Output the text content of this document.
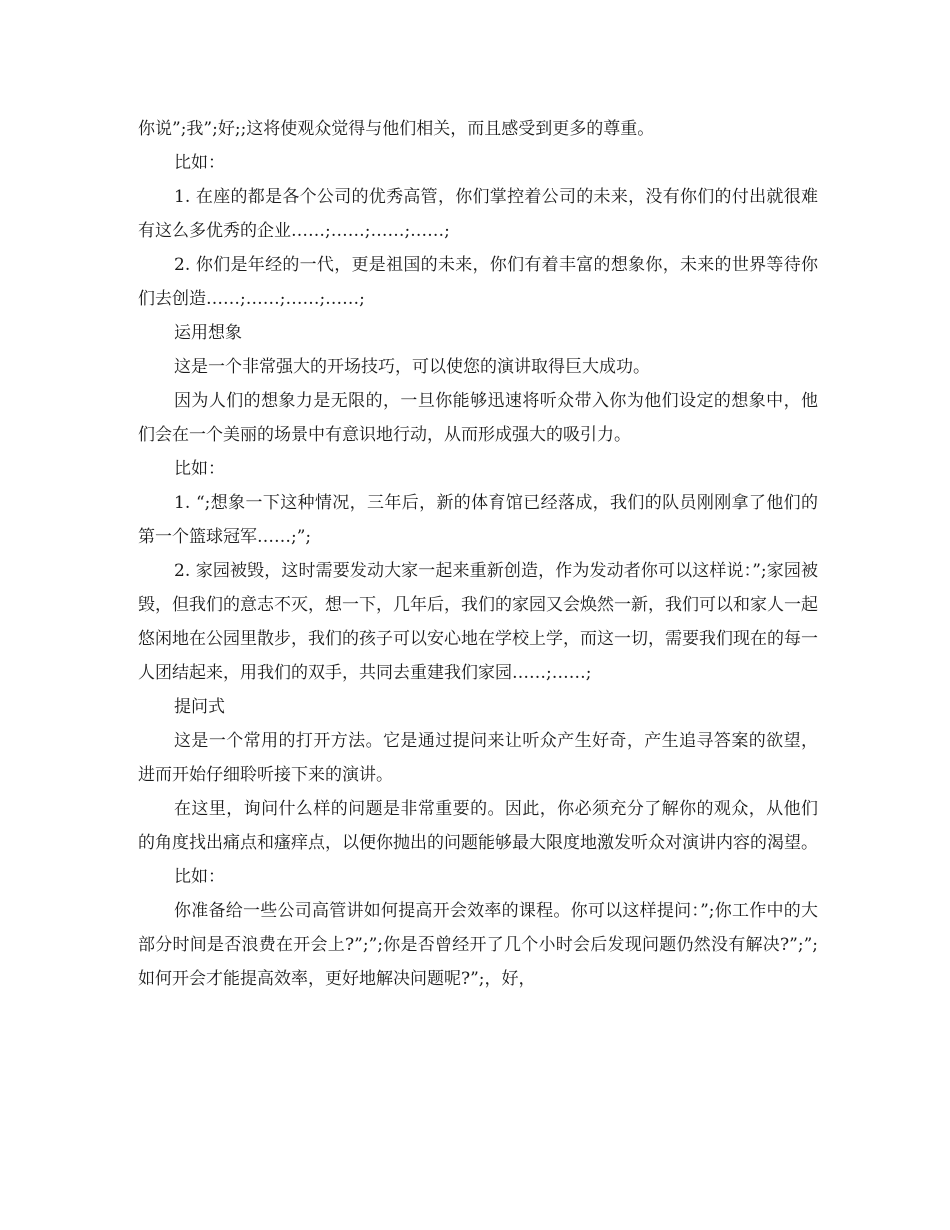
你说”;我”;好;;这将使观众觉得与他们相关，而且感受到更多的尊重。

比如：

1. 在座的都是各个公司的优秀高管，你们掌控着公司的未来，没有你们的付出就很难有这么多优秀的企业……;……;……;……;

2. 你们是年经的一代，更是祖国的未来，你们有着丰富的想象你，未来的世界等待你们去创造……;……;……;……;

运用想象

这是一个非常强大的开场技巧，可以使您的演讲取得巨大成功。

因为人们的想象力是无限的，一旦你能够迅速将听众带入你为他们设定的想象中，他们会在一个美丽的场景中有意识地行动，从而形成强大的吸引力。

比如：

1. “;想象一下这种情况，三年后，新的体育馆已经落成，我们的队员刚刚拿了他们的第一个篮球冠军……;”;

2. 家园被毁，这时需要发动大家一起来重新创造，作为发动者你可以这样说：”;家园被毁，但我们的意志不灭，想一下，几年后，我们的家园又会焕然一新，我们可以和家人一起悠闲地在公园里散步，我们的孩子可以安心地在学校上学，而这一切，需要我们现在的每一人团结起来，用我们的双手，共同去重建我们家园……;……;

提问式

这是一个常用的打开方法。它是通过提问来让听众产生好奇，产生追寻答案的欲望，进而开始仔细聆听接下来的演讲。

在这里，询问什么样的问题是非常重要的。因此，你必须充分了解你的观众，从他们的角度找出痛点和瘙痒点，以便你抛出的问题能够最大限度地激发听众对演讲内容的渴望。

比如：

你准备给一些公司高管讲如何提高开会效率的课程。你可以这样提问：”;你工作中的大部分时间是否浪费在开会上?”;”;你是否曾经开了几个小时会后发现问题仍然没有解决?”;”;如何开会才能提高效率，更好地解决问题呢?”;，好，
